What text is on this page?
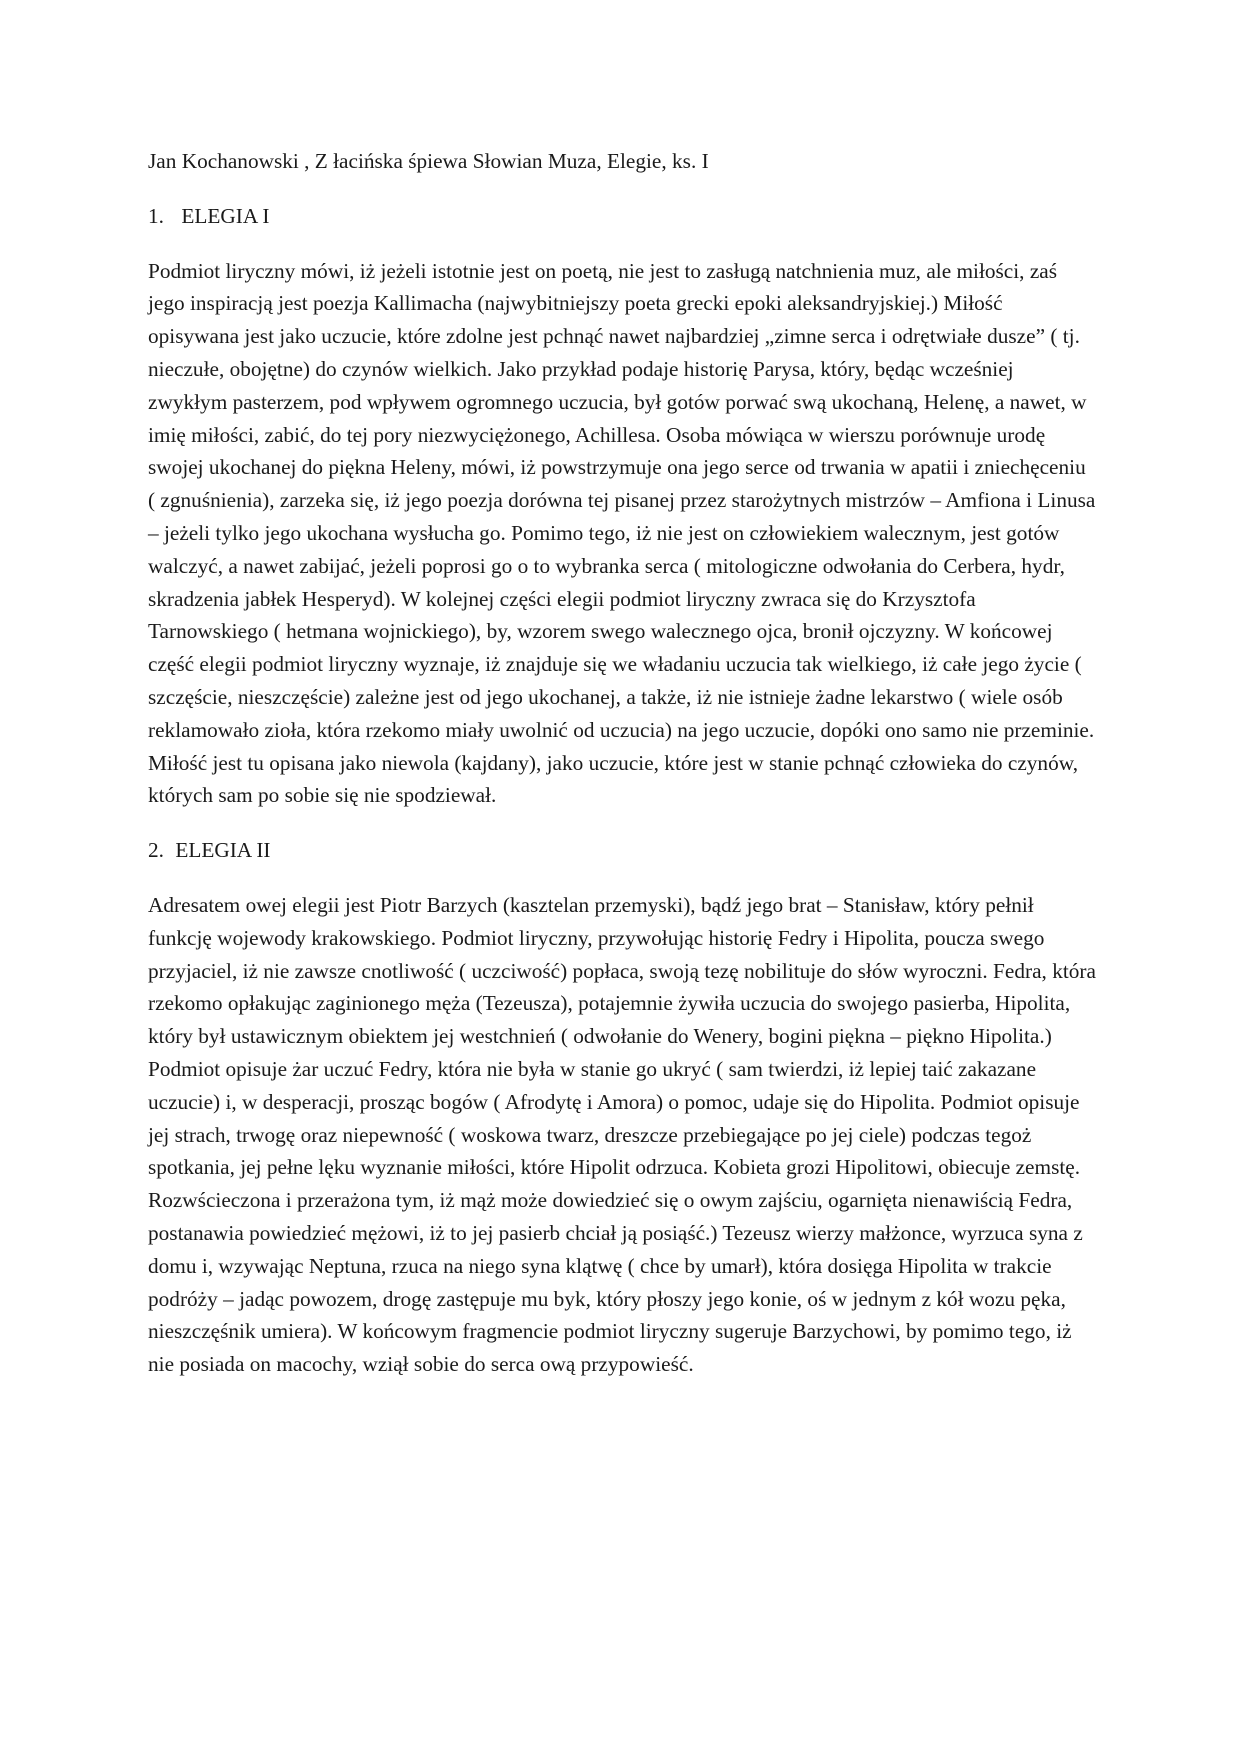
Jan Kochanowski , Z łacińska śpiewa Słowian Muza, Elegie, ks. I

1. ELEGIA I

Podmiot liryczny mówi, iż jeżeli istotnie jest on poetą, nie jest to zasługą natchnienia muz, ale miłości, zaś jego inspiracją jest poezja Kallimacha (najwybitniejszy poeta grecki epoki aleksandryjskiej.) Miłość opisywana jest jako uczucie, które zdolne jest pchnąć nawet najbardziej „zimne serca i odrętwiałe dusze” ( tj. nieczułe, obojętne) do czynów wielkich. Jako przykład podaje historię Parysa, który, będąc wcześniej zwykłym pasterzem, pod wpływem ogromnego uczucia, był gotów porwać swą ukochaną, Helenę, a nawet, w imię miłości, zabić, do tej pory niezwyciężonego, Achillesa. Osoba mówiąca w wierszu porównuje urodę swojej ukochanej do piękna Heleny, mówi, iż powstrzymuje ona jego serce od trwania w apatii i zniechęceniu ( zgnuśnienia), zarzeka się, iż jego poezja dorówna tej pisanej przez starożytnych mistrzów – Amfiona i Linusa – jeżeli tylko jego ukochana wysłucha go. Pomimo tego, iż nie jest on człowiekiem walecznym, jest gotów walczyć, a nawet zabijać, jeżeli poprosi go o to wybranka serca ( mitologiczne odwołania do Cerbera, hydr, skradzenia jabłek Hesperyd). W kolejnej części elegii podmiot liryczny zwraca się do Krzysztofa Tarnowskiego ( hetmana wojnickiego), by, wzorem swego walecznego ojca, bronił ojczyzny. W końcowej część elegii podmiot liryczny wyznaje, iż znajduje się we władaniu uczucia tak wielkiego, iż całe jego życie ( szczęście, nieszczęście) zależne jest od jego ukochanej, a także, iż nie istnieje żadne lekarstwo ( wiele osób reklamowało zioła, która rzekomo miały uwolnić od uczucia) na jego uczucie, dopóki ono samo nie przeminie. Miłość jest tu opisana jako niewola (kajdany), jako uczucie, które jest w stanie pchnąć człowieka do czynów, których sam po sobie się nie spodziewał.

2. ELEGIA II

Adresatem owej elegii jest Piotr Barzych (kasztelan przemyski), bądź jego brat – Stanisław, który pełnił funkcję wojewody krakowskiego. Podmiot liryczny, przywołując historię Fedry i Hipolita, poucza swego przyjaciel, iż nie zawsze cnotliwość ( uczciwość) popłaca, swoją tezę nobilituje do słów wyroczni. Fedra, która rzekomo opłakując zaginionego męża (Tezeusza), potajemnie żywiła uczucia do swojego pasierba, Hipolita, który był ustawicznym obiektem jej westchnień ( odwołanie do Wenery, bogini piękna – piękno Hipolita.) Podmiot opisuje żar uczuć Fedry, która nie była w stanie go ukryć ( sam twierdzi, iż lepiej taić zakazane uczucie) i, w desperacji, prosząc bogów ( Afrodytę i Amora) o pomoc, udaje się do Hipolita. Podmiot opisuje jej strach, trwogę oraz niepewność ( woskowa twarz, dreszcze przebiegające po jej ciele) podczas tegoż spotkania, jej pełne lęku wyznanie miłości, które Hipolit odrzuca. Kobieta grozi Hipolitowi, obiecuje zemstę. Rozwścieczona i przerażona tym, iż mąż może dowiedzieć się o owym zajściu, ogarnięta nienawiścią Fedra, postanawia powiedzieć mężowi, iż to jej pasierb chciał ją posiąść.) Tezeusz wierzy małżonce, wyrzuca syna z domu i, wzywając Neptuna, rzuca na niego syna klątwę ( chce by umarł), która dosięga Hipolita w trakcie podróży – jadąc powozem, drogę zastępuje mu byk, który płoszy jego konie, oś w jednym z kół wozu pęka, nieszczęśnik umiera). W końcowym fragmencie podmiot liryczny sugeruje Barzychowi, by pomimo tego, iż nie posiada on macochy, wziął sobie do serca ową przypowieść.
